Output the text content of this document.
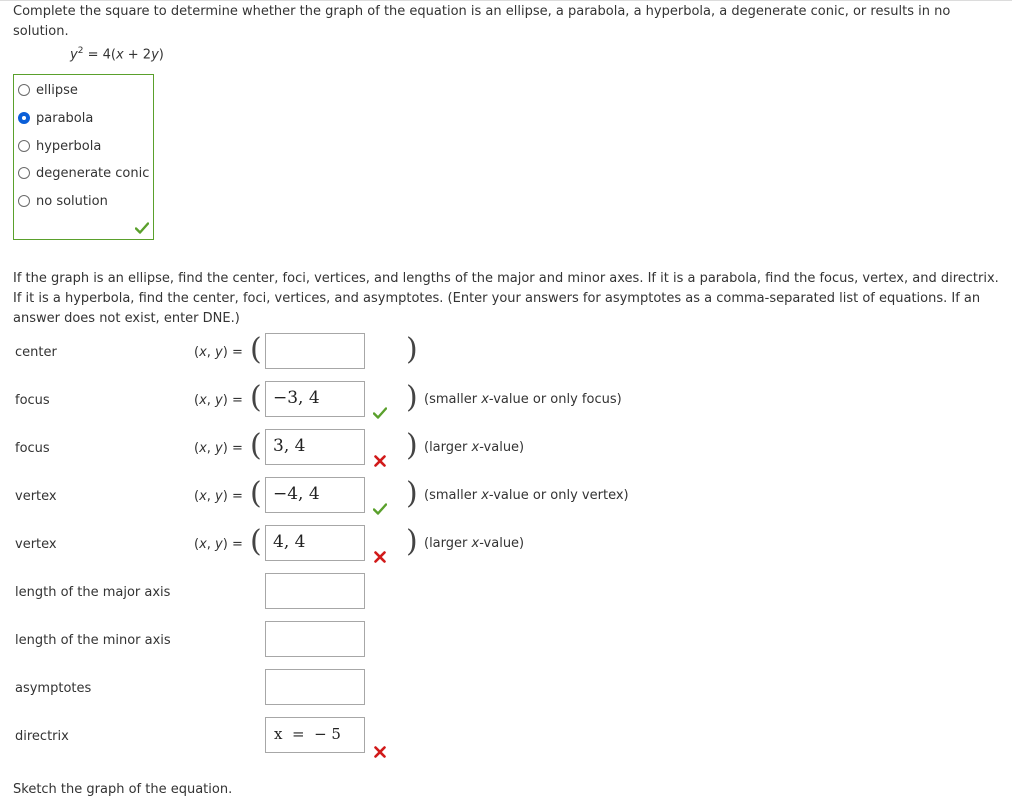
Complete the square to determine whether the graph of the equation is an ellipse, a parabola, a hyperbola, a degenerate conic, or results in no solution.
$y^2 = 4(x + 2y)$
ellipse
parabola
hyperbola
degenerate conic
no solution
If the graph is an ellipse, find the center, foci, vertices, and lengths of the major and minor axes. If it is a parabola, find the focus, vertex, and directrix. If it is a hyperbola, find the center, foci, vertices, and asymptotes. (Enter your answers for asymptotes as a comma-separated list of equations. If an answer does not exist, enter DNE.)
center	(x, y) = (	)
focus	(x, y) = ( −3, 4	) (smaller x-value or only focus)
focus	(x, y) = ( 3, 4	) (larger x-value)
vertex	(x, y) = ( −4, 4	) (smaller x-value or only vertex)
vertex	(x, y) = ( 4, 4	) (larger x-value)
length of the major axis
length of the minor axis
asymptotes
directrix	x  =  − 5
Sketch the graph of the equation.
